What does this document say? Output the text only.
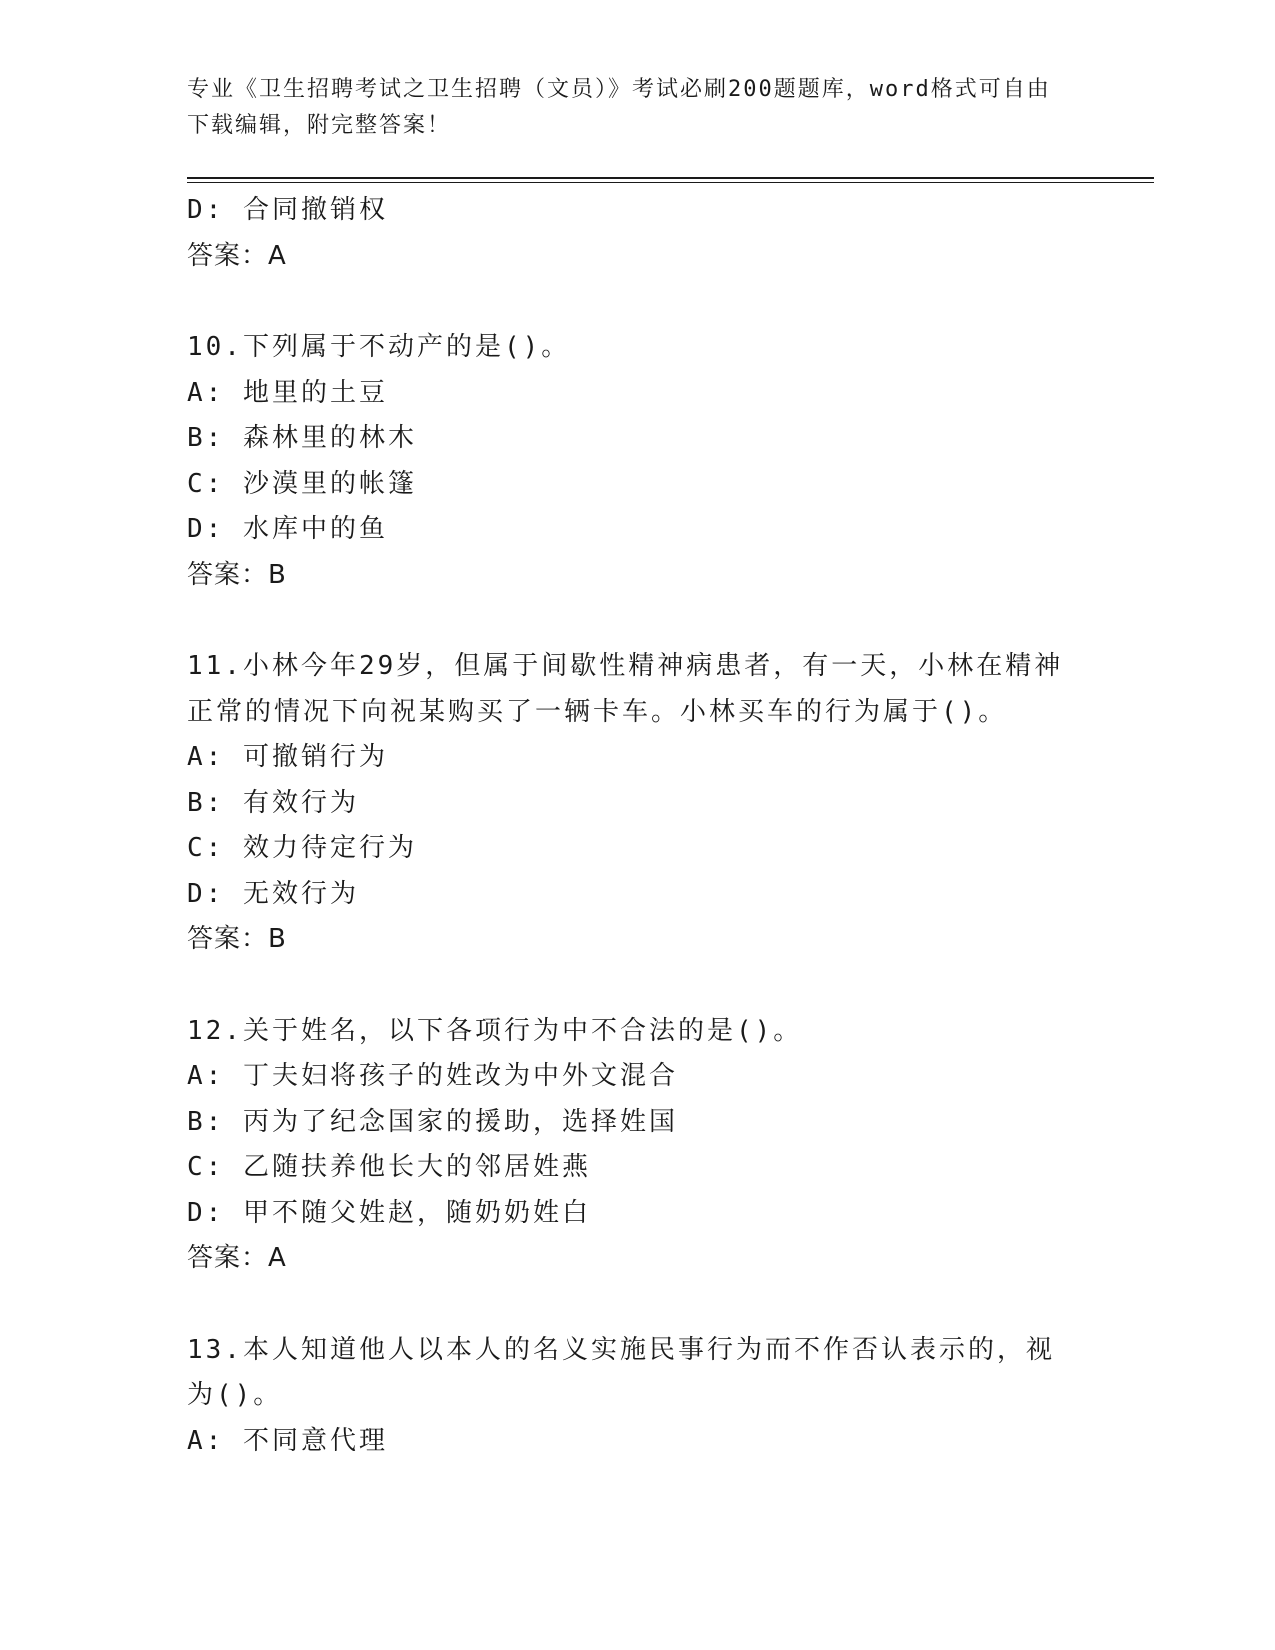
专业《卫生招聘考试之卫生招聘（文员）》考试必刷200题题库，word格式可自由下载编辑，附完整答案！
D: 合同撤销权
答案：A
10.下列属于不动产的是()。
A: 地里的土豆
B: 森林里的林木
C: 沙漠里的帐篷
D: 水库中的鱼
答案：B
11.小林今年29岁，但属于间歇性精神病患者，有一天，小林在精神正常的情况下向祝某购买了一辆卡车。小林买车的行为属于()。
A: 可撤销行为
B: 有效行为
C: 效力待定行为
D: 无效行为
答案：B
12.关于姓名，以下各项行为中不合法的是()。
A: 丁夫妇将孩子的姓改为中外文混合
B: 丙为了纪念国家的援助，选择姓国
C: 乙随扶养他长大的邻居姓燕
D: 甲不随父姓赵，随奶奶姓白
答案：A
13.本人知道他人以本人的名义实施民事行为而不作否认表示的，视为()。
A: 不同意代理
